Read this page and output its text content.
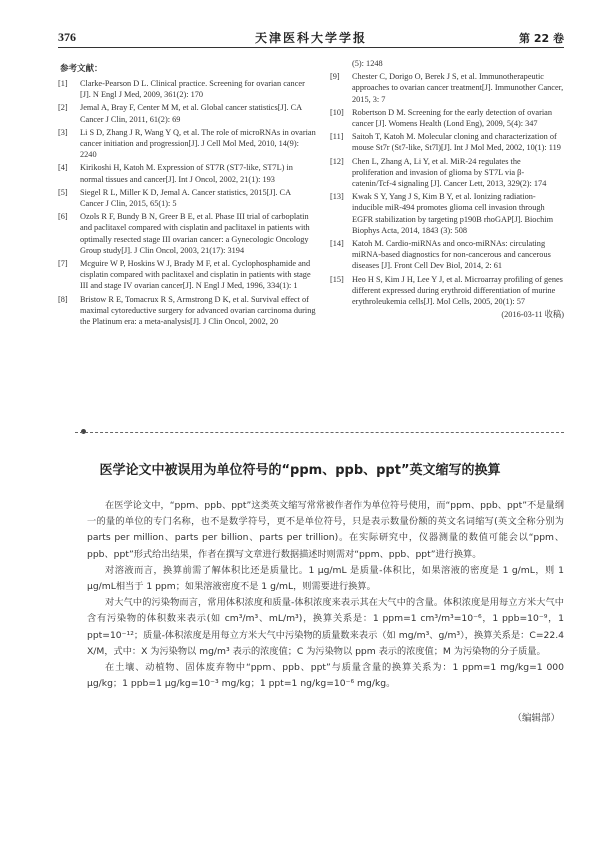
376	天津医科大学学报	第 22 卷
参考文献：
[1] Clarke-Pearson D L. Clinical practice. Screening for ovarian cancer [J]. N Engl J Med, 2009, 361(2): 170
[2] Jemal A, Bray F, Center M M, et al. Global cancer statistics[J]. CA Cancer J Clin, 2011, 61(2): 69
[3] Li S D, Zhang J R, Wang Y Q, et al. The role of microRNAs in ovarian cancer initiation and progression[J]. J Cell Mol Med, 2010, 14(9): 2240
[4] Kirikoshi H, Katoh M. Expression of ST7R (ST7-like, ST7L) in normal tissues and cancer[J]. Int J Oncol, 2002, 21(1): 193
[5] Siegel R L, Miller K D, Jemal A. Cancer statistics, 2015[J]. CA Cancer J Clin, 2015, 65(1): 5
[6] Ozols R F, Bundy B N, Greer B E, et al. Phase III trial of carboplatin and paclitaxel compared with cisplatin and paclitaxel in patients with optimally resected stage III ovarian cancer: a Gynecologic Oncology Group study[J]. J Clin Oncol, 2003, 21(17): 3194
[7] Mcguire W P, Hoskins W J, Brady M F, et al. Cyclophosphamide and cisplatin compared with paclitaxel and cisplatin in patients with stage III and stage IV ovarian cancer[J]. N Engl J Med, 1996, 334(1): 1
[8] Bristow R E, Tomacrux R S, Armstrong D K, et al. Survival effect of maximal cytoreductive surgery for advanced ovarian carcinoma during the Platinum era: a meta-analysis[J]. J Clin Oncol, 2002, 20
(5): 1248
[9] Chester C, Dorigo O, Berek J S, et al. Immunotherapeutic approaches to ovarian cancer treatment[J]. Immunother Cancer, 2015, 3: 7
[10] Robertson D M. Screening for the early detection of ovarian cancer [J]. Womens Health (Lond Eng), 2009, 5(4): 347
[11] Saitoh T, Katoh M. Molecular cloning and characterization of mouse St7r (St7-like, St7l)[J]. Int J Mol Med, 2002, 10(1): 119
[12] Chen L, Zhang A, Li Y, et al. MiR-24 regulates the proliferation and invasion of glioma by ST7L via β-catenin/Tcf-4 signaling [J]. Cancer Lett, 2013, 329(2): 174
[13] Kwak S Y, Yang J S, Kim B Y, et al. Ionizing radiation-inducible miR-494 promotes glioma cell invasion through EGFR stabilization by targeting p190B rhoGAP[J]. Biochim Biophys Acta, 2014, 1843 (3): 508
[14] Katoh M. Cardio-miRNAs and onco-miRNAs: circulating miRNA-based diagnostics for non-cancerous and cancerous diseases [J]. Front Cell Dev Biol, 2014, 2: 61
[15] Heo H S, Kim J H, Lee Y J, et al. Microarray profiling of genes different expressed during erythroid differentiation of murine erythroleukemia cells[J]. Mol Cells, 2005, 20(1): 57
(2016-03-11 收稿)
医学论文中被误用为单位符号的“ppm、ppb、ppt”英文缩写的换算

在医学论文中，“ppm、ppb、ppt”这类英文缩写常常被作者作为单位符号使用，而“ppm、ppb、ppt”不是量纲一的量的单位的专门名称，也不是数学符号，更不是单位符号，只是表示数量份额的英文名词缩写(英文全称分别为 parts per million、parts per billion、parts per trillion)。在实际研究中，仪器测量的数值可能会以“ppm、ppb、ppt”形式给出结果，作者在撰写文章进行数据描述时则需对“ppm、ppb、ppt”进行换算。

对溶液而言，换算前需了解体积比还是质量比。1 μg/mL 是质量-体积比，如果溶液的密度是 1 g/mL，则 1 μg/mL相当于 1 ppm；如果溶液密度不是 1 g/mL，则需要进行换算。

对大气中的污染物而言，常用体积浓度和质量-体积浓度来表示其在大气中的含量。体积浓度是用每立方米大气中含有污染物的体积数来表示(如 cm³/m³、mL/m³)，换算关系是：1 ppm=1 cm³/m³=10⁻⁶，1 ppb=10⁻⁹，1 ppt=10⁻¹²；质量-体积浓度是用每立方米大气中污染物的质量数来表示（如 mg/m³、g/m³），换算关系是：C=22.4 X/M，式中：X 为污染物以 mg/m³ 表示的浓度值；C 为污染物以 ppm 表示的浓度值；M 为污染物的分子质量。

在土壤、动植物、固体废弃物中“ppm、ppb、ppt”与质量含量的换算关系为：1 ppm=1 mg/kg=1 000 μg/kg；1 ppb=1 μg/kg=10⁻³ mg/kg；1 ppt=1 ng/kg=10⁻⁶ mg/kg。

（编辑部）
